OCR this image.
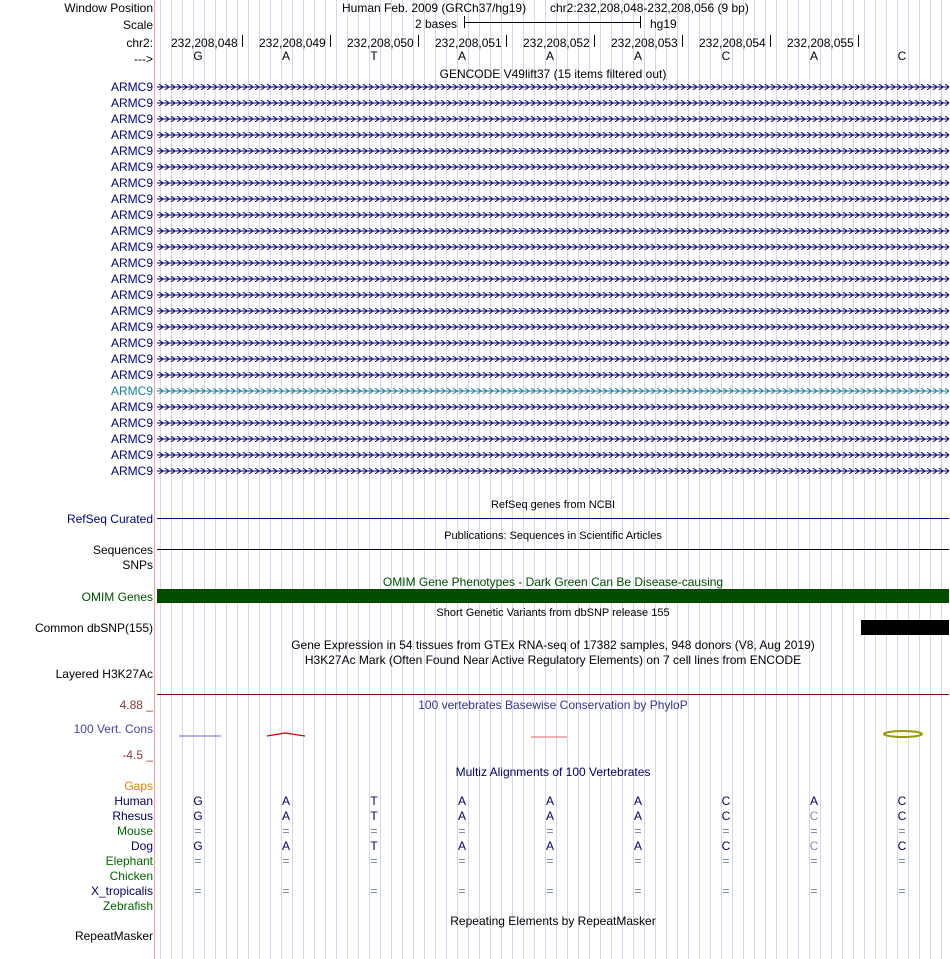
Window Position
Scale
chr2:
--->
Human Feb. 2009 (GRCh37/hg19) chr2:232,208,048-232,208,056 (9 bp)
2 bases	hg19
232,208,048 232,208,049 232,208,050 232,208,051 232,208,052 232,208,053 232,208,054 232,208,055
G	A	T	A	A	A	C	A	C
GENCODE V49lift37 (15 items filtered out)
ARMC9
ARMC9
ARMC9
ARMC9
ARMC9
ARMC9
ARMC9
ARMC9
ARMC9
ARMC9
ARMC9
ARMC9
ARMC9
ARMC9
ARMC9
ARMC9
ARMC9
ARMC9
ARMC9
ARMC9
ARMC9
ARMC9
ARMC9
ARMC9
ARMC9
RefSeq genes from NCBI
RefSeq Curated
Publications: Sequences in Scientific Articles
Sequences
SNPs
OMIM Gene Phenotypes - Dark Green Can Be Disease-causing
OMIM Genes
Short Genetic Variants from dbSNP release 155
Common dbSNP(155)
Gene Expression in 54 tissues from GTEx RNA-seq of 17382 samples, 948 donors (V8, Aug 2019)
H3K27Ac Mark (Often Found Near Active Regulatory Elements) on 7 cell lines from ENCODE
Layered H3K27Ac
100 vertebrates Basewise Conservation by PhyloP
4.88 _
100 Vert. Cons
-4.5 _
Multiz Alignments of 100 Vertebrates
Gaps
Human	G	A	T	A	A	A	C	A	C
Rhesus	G	A	T	A	A	A	C	C	C
Mouse	=	=	=	=	=	=	=	=	=
Dog	G	A	T	A	A	A	C	C	C
Elephant	=	=	=	=	=	=	=	=	=
Chicken
X_tropicalis	=	=	=	=	=	=	=	=	=
Zebrafish
Repeating Elements by RepeatMasker
RepeatMasker
